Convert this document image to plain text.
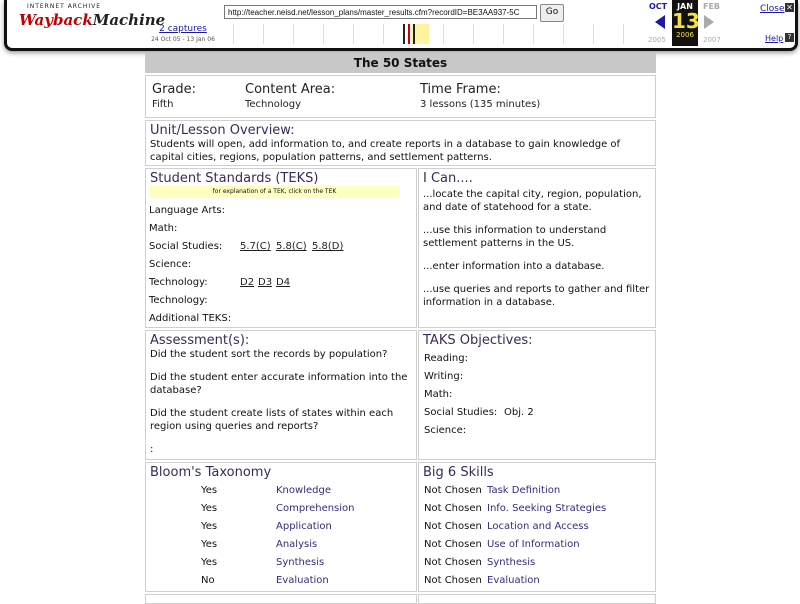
INTERNET ARCHIVE
WaybackMachine
2 captures
24 Oct 05 - 13 Jan 06
http://teacher.neisd.net/lesson_plans/master_results.cfm?recordID=BE3AA937-5C	Go
OCT	JAN
13
2006
FEB
2005	2007
Close ✕
Help ?
The 50 States
Grade:
Fifth
Content Area:
Technology
Time Frame:
3 lessons (135 minutes)
Unit/Lesson Overview:
Students will open, add information to, and create reports in a database to gain knowledge of capital cities, regions, population patterns, and settlement patterns.
Student Standards (TEKS)
for explanation of a TEK, click on the TEK
Language Arts:
Math:
Social Studies: 5.7(C) 5.8(C) 5.8(D)
Science:
Technology:	D2 D3 D4
Technology:
Additional TEKS:
I Can....
...locate the capital city, region, population, and date of statehood for a state.
...use this information to understand settlement patterns in the US.
...enter information into a database.
...use queries and reports to gather and filter information in a database.
Assessment(s):
Did the student sort the records by population?
Did the student enter accurate information into the database?
Did the student create lists of states within each region using queries and reports?
:
TAKS Objectives:
Reading:
Writing:
Math:
Social Studies: Obj. 2
Science:
Bloom's Taxonomy
Yes	Knowledge
Yes	Comprehension
Yes	Application
Yes	Analysis
Yes	Synthesis
No	Evaluation
Big 6 Skills
Not Chosen Task Definition
Not Chosen Info. Seeking Strategies
Not Chosen Location and Access
Not Chosen Use of Information
Not Chosen Synthesis
Not Chosen Evaluation
